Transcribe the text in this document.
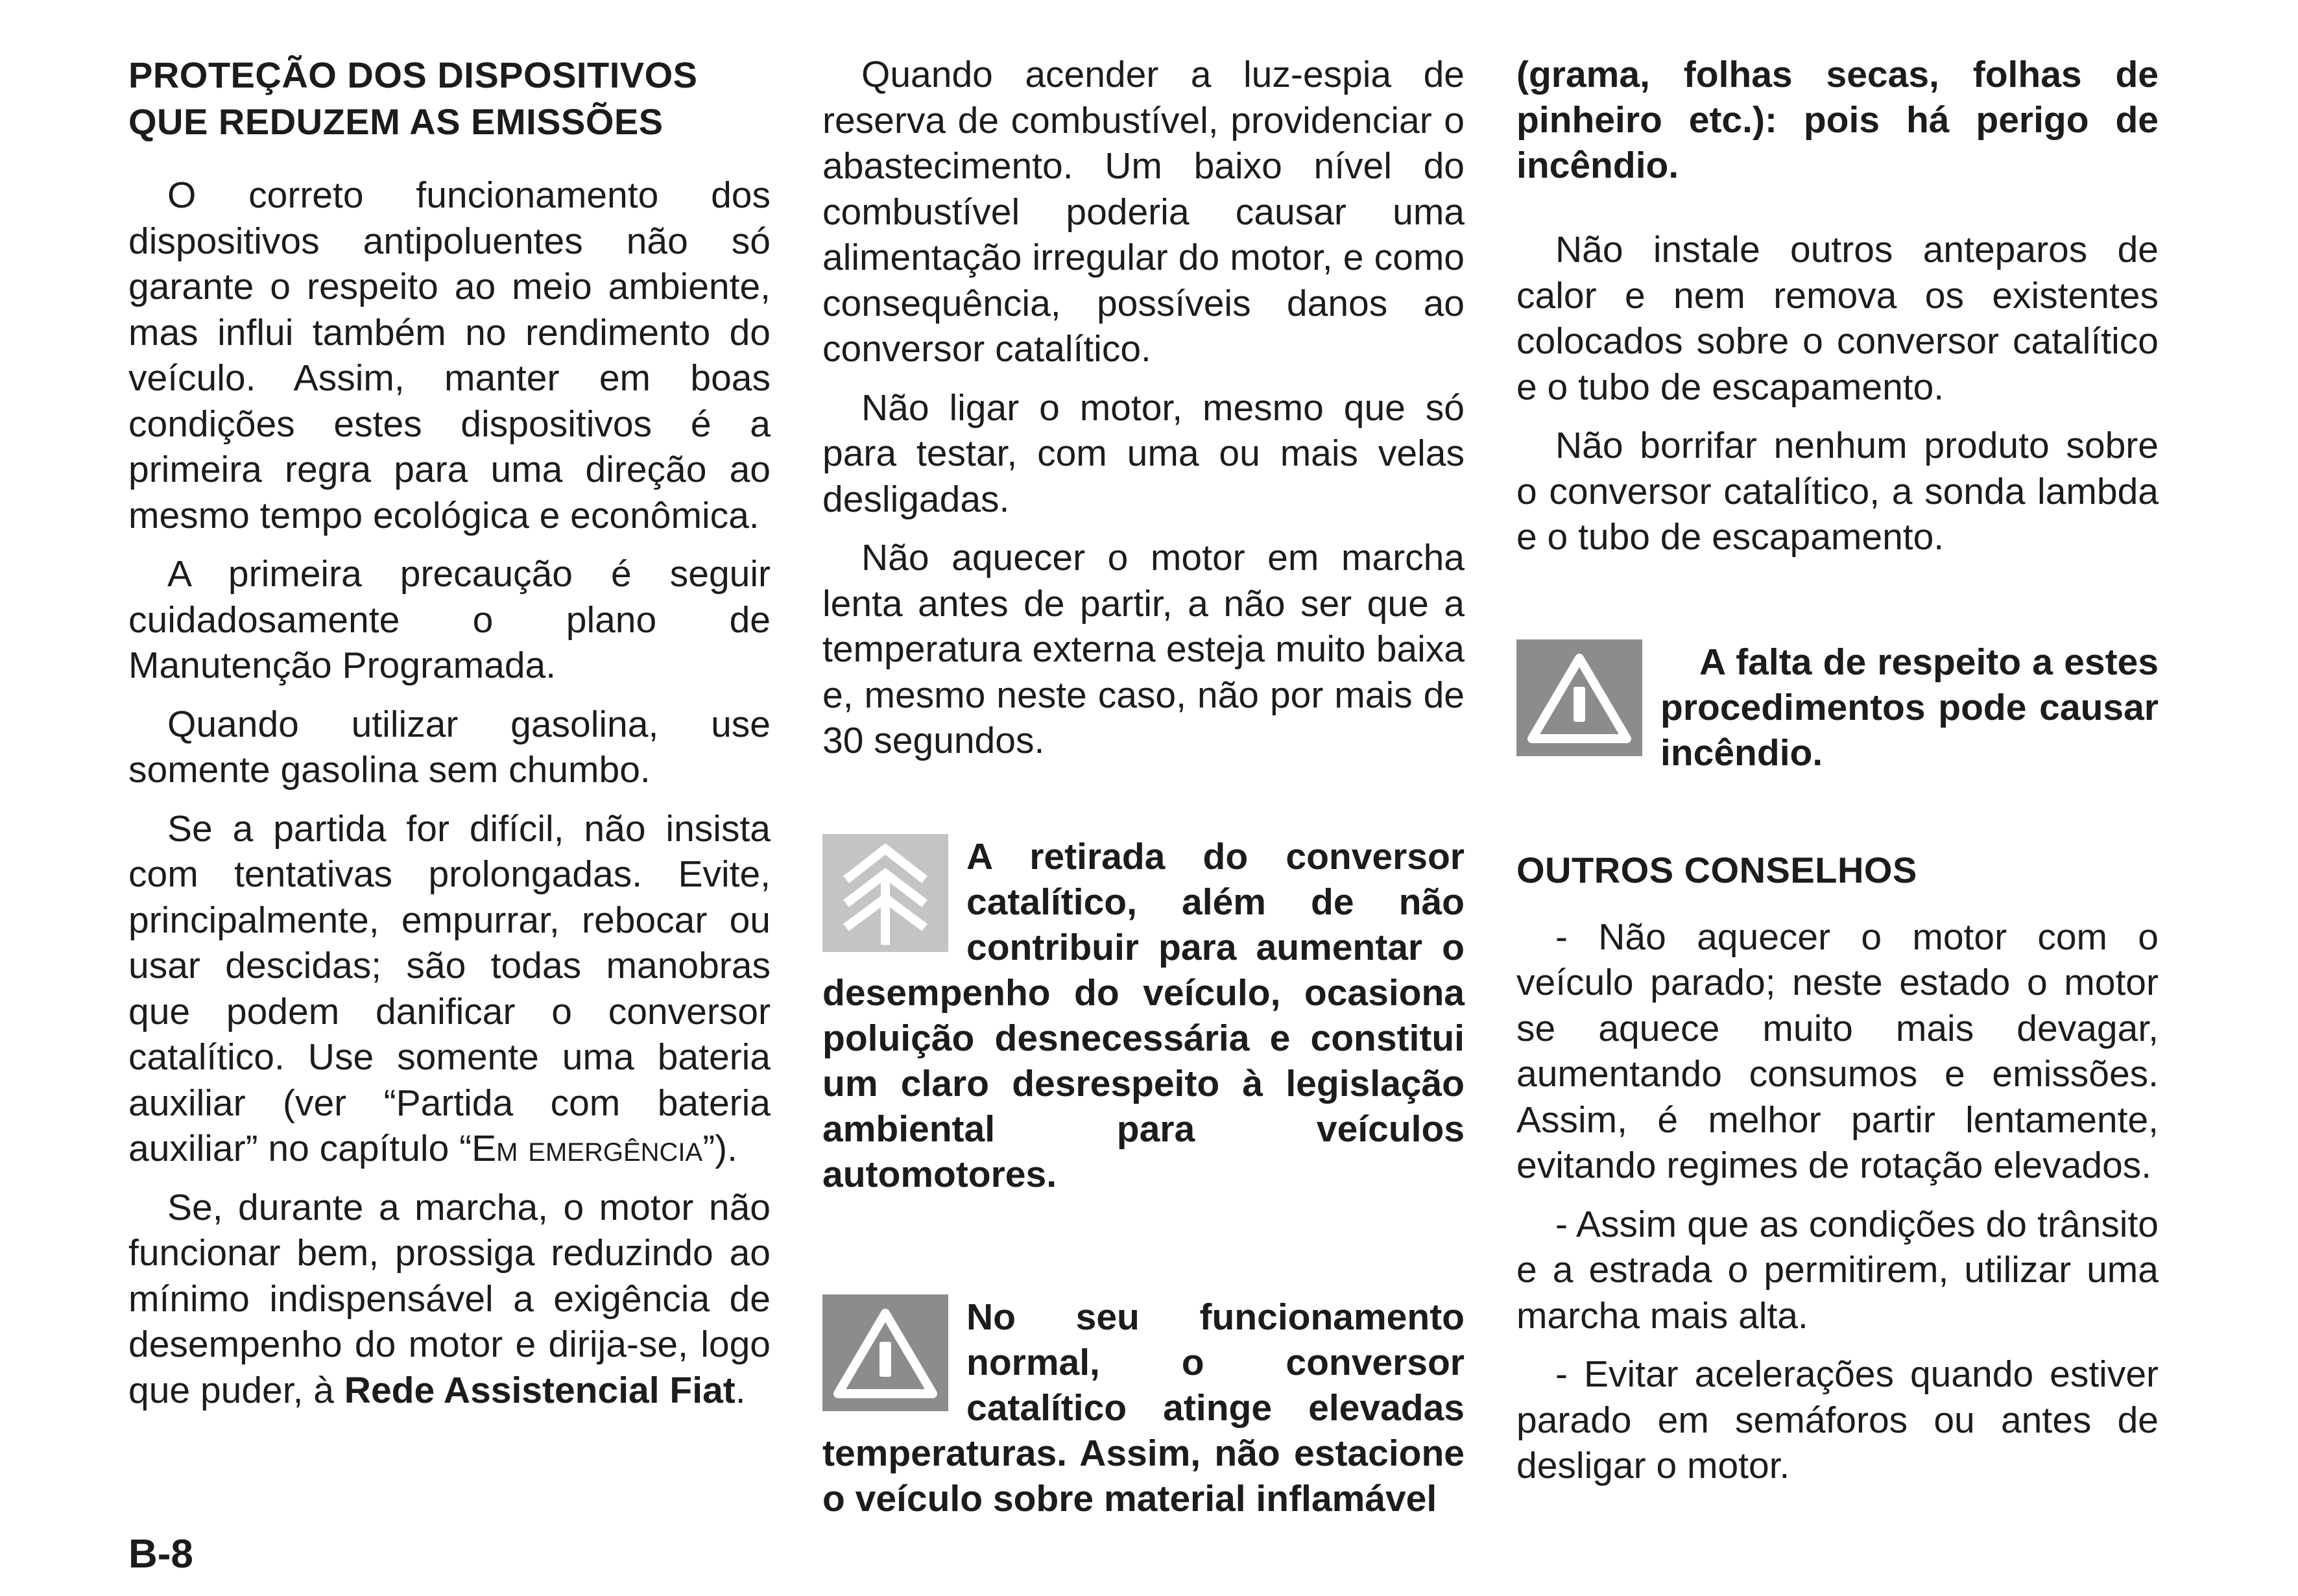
PROTEÇÃO DOS DISPOSITIVOS
QUE REDUZEM AS EMISSÕES

O correto funcionamento dos dispositivos antipoluentes não só garante o respeito ao meio ambiente, mas influi também no rendimento do veículo. Assim, manter em boas condições estes dispositivos é a primeira regra para uma direção ao mesmo tempo ecológica e econômica.

A primeira precaução é seguir cuidadosamente o plano de Manutenção Programada.

Quando utilizar gasolina, use somente gasolina sem chumbo.

Se a partida for difícil, não insista com tentativas prolongadas. Evite, principalmente, empurrar, rebocar ou usar descidas; são todas manobras que podem danificar o conversor catalítico. Use somente uma bateria auxiliar (ver “Partida com bateria auxiliar” no capítulo “Em emergência”).

Se, durante a marcha, o motor não funcionar bem, prossiga reduzindo ao mínimo indispensável a exigência de desempenho do motor e dirija-se, logo que puder, à Rede Assistencial Fiat.

Quando acender a luz-espia de reserva de combustível, providenciar o abastecimento. Um baixo nível do combustível poderia causar uma alimentação irregular do motor, e como consequência, possíveis danos ao conversor catalítico.

Não ligar o motor, mesmo que só para testar, com uma ou mais velas desligadas.

Não aquecer o motor em marcha lenta antes de partir, a não ser que a temperatura externa esteja muito baixa e, mesmo neste caso, não por mais de 30 segundos.

A retirada do conversor catalítico, além de não contribuir para aumentar o desempenho do veículo, ocasiona poluição desnecessária e constitui um claro desrespeito à legislação ambiental para veículos automotores.

No seu funcionamento normal, o conversor catalítico atinge elevadas temperaturas. Assim, não estacione o veículo sobre material inflamável

(grama, folhas secas, folhas de pinheiro etc.): pois há perigo de incêndio.

Não instale outros anteparos de calor e nem remova os existentes colocados sobre o conversor catalítico e o tubo de escapamento.

Não borrifar nenhum produto sobre o conversor catalítico, a sonda lambda e o tubo de escapamento.

A falta de respeito a estes procedimentos pode causar incêndio.

OUTROS CONSELHOS

- Não aquecer o motor com o veículo parado; neste estado o motor se aquece muito mais devagar, aumentando consumos e emissões. Assim, é melhor partir lentamente, evitando regimes de rotação elevados.

- Assim que as condições do trânsito e a estrada o permitirem, utilizar uma marcha mais alta.

- Evitar acelerações quando estiver parado em semáforos ou antes de desligar o motor.

B-8
